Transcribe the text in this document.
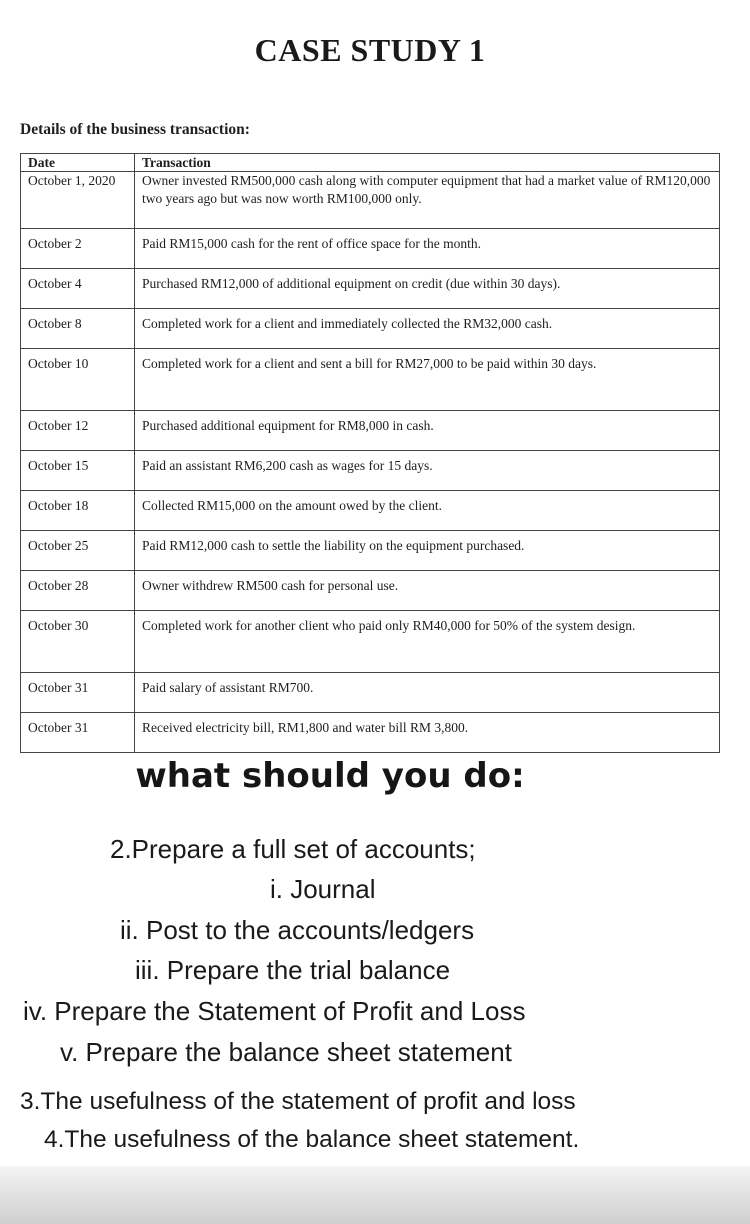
CASE STUDY 1
Details of the business transaction:
Date	Transaction
October 1, 2020	Owner invested RM500,000 cash along with computer equipment that had a market value of RM120,000 two years ago but was now worth RM100,000 only.
October 2	Paid RM15,000 cash for the rent of office space for the month.
October 4	Purchased RM12,000 of additional equipment on credit (due within 30 days).
October 8	Completed work for a client and immediately collected the RM32,000 cash.
October 10	Completed work for a client and sent a bill for RM27,000 to be paid within 30 days.
October 12	Purchased additional equipment for RM8,000 in cash.
October 15	Paid an assistant RM6,200 cash as wages for 15 days.
October 18	Collected RM15,000 on the amount owed by the client.
October 25	Paid RM12,000 cash to settle the liability on the equipment purchased.
October 28	Owner withdrew RM500 cash for personal use.
October 30	Completed work for another client who paid only RM40,000 for 50% of the system design.
October 31	Paid salary of assistant RM700.
October 31	Received electricity bill, RM1,800 and water bill RM 3,800.
what should you do:
2.Prepare a full set of accounts;
i. Journal
ii. Post to the accounts/ledgers
iii. Prepare the trial balance
iv. Prepare the Statement of Profit and Loss
v. Prepare the balance sheet statement
3.The usefulness of the statement of profit and loss
4.The usefulness of the balance sheet statement.
